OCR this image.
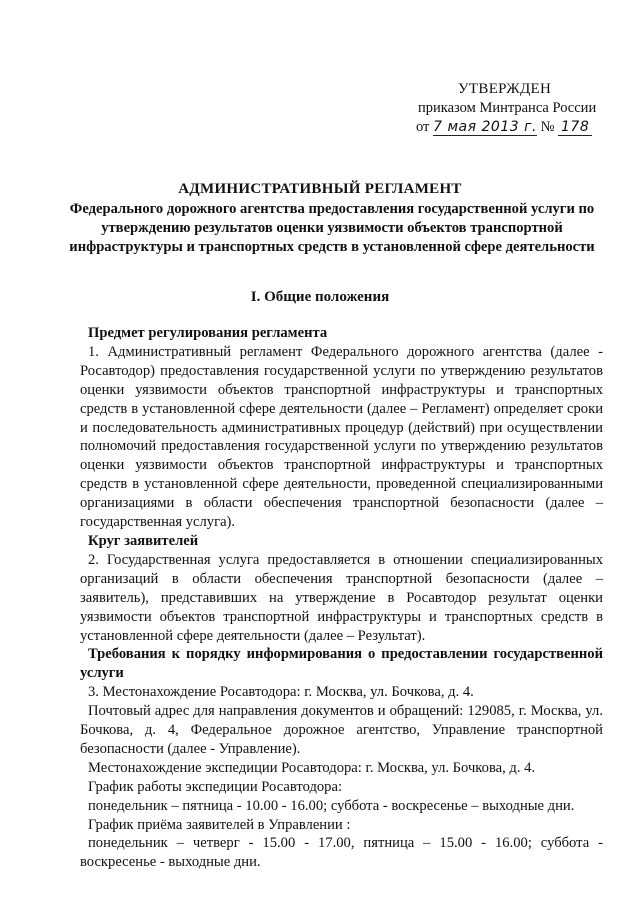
УТВЕРЖДЕН
приказом Минтранса России
от 7 мая 2013 г. № 178
АДМИНИСТРАТИВНЫЙ РЕГЛАМЕНТ
Федерального дорожного агентства предоставления государственной услуги по утверждению результатов оценки уязвимости объектов транспортной инфраструктуры и транспортных средств в установленной сфере деятельности
I. Общие положения
Предмет регулирования регламента

1. Административный регламент Федерального дорожного агентства (далее - Росавтодор) предоставления государственной услуги по утверждению результатов оценки уязвимости объектов транспортной инфраструктуры и транспортных средств в установленной сфере деятельности (далее – Регламент) определяет сроки и последовательность административных процедур (действий) при осуществлении полномочий предоставления государственной услуги по утверждению результатов оценки уязвимости объектов транспортной инфраструктуры и транспортных средств в установленной сфере деятельности, проведенной специализированными организациями в области обеспечения транспортной безопасности (далее – государственная услуга).

Круг заявителей

2. Государственная услуга предоставляется в отношении специализированных организаций в области обеспечения транспортной безопасности (далее – заявитель), представивших на утверждение в Росавтодор результат оценки уязвимости объектов транспортной инфраструктуры и транспортных средств в установленной сфере деятельности (далее – Результат).

Требования к порядку информирования о предоставлении государственной услуги

3. Местонахождение Росавтодора: г. Москва, ул. Бочкова, д. 4.

Почтовый адрес для направления документов и обращений: 129085, г. Москва, ул. Бочкова, д. 4, Федеральное дорожное агентство, Управление транспортной безопасности (далее - Управление).

Местонахождение экспедиции Росавтодора: г. Москва, ул. Бочкова, д. 4.

График работы экспедиции Росавтодора:

понедельник – пятница - 10.00 - 16.00; суббота - воскресенье – выходные дни.

График приёма заявителей в Управлении :

понедельник – четверг - 15.00 - 17.00, пятница – 15.00 - 16.00; суббота - воскресенье - выходные дни.
